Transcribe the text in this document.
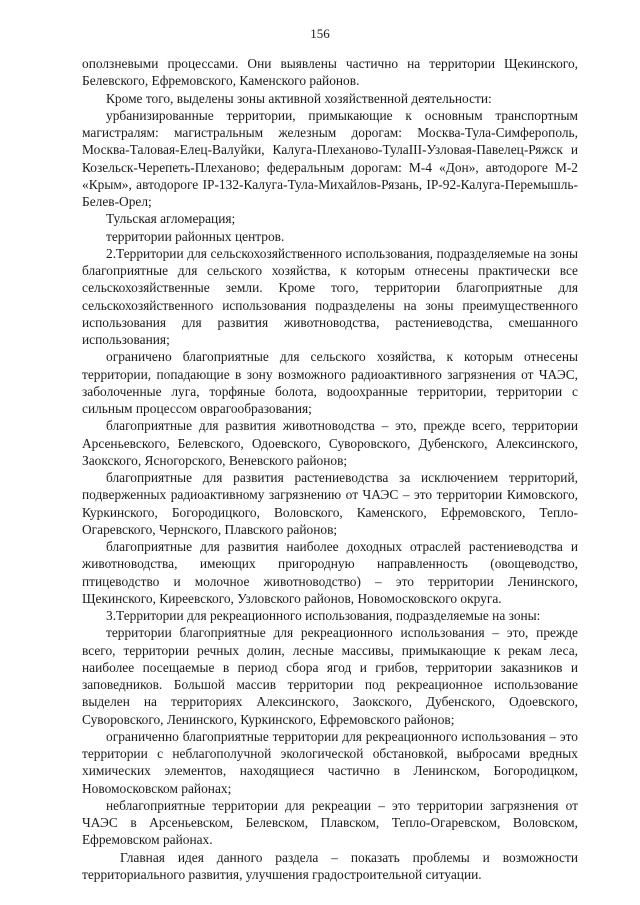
156

оползневыми процессами. Они выявлены частично на территории Щекинского, Белевского, Ефремовского, Каменского районов.

Кроме того, выделены зоны активной хозяйственной деятельности:

урбанизированные территории, примыкающие к основным транспортным магистралям: магистральным железным дорогам: Москва-Тула-Симферополь, Москва-Таловая-Елец-Валуйки, Калуга-Плеханово-ТулаIII-Узловая-Павелец-Ряжск и Козельск-Черепеть-Плеханово; федеральным дорогам: М-4 «Дон», автодороге М-2 «Крым», автодороге IР-132-Калуга-Тула-Михайлов-Рязань, IР-92-Калуга-Перемышль-Белев-Орел;

Тульская агломерация;

территории районных центров.

2.Территории для сельскохозяйственного использования, подразделяемые на зоны благоприятные для сельского хозяйства, к которым отнесены практически все сельскохозяйственные земли. Кроме того, территории благоприятные для сельскохозяйственного использования подразделены на зоны преимущественного использования для развития животноводства, растениеводства, смешанного использования;

ограничено благоприятные для сельского хозяйства, к которым отнесены территории, попадающие в зону возможного радиоактивного загрязнения от ЧАЭС, заболоченные луга, торфяные болота, водоохранные территории, территории с сильным процессом оврагообразования;

благоприятные для развития животноводства – это, прежде всего, территории Арсеньевского, Белевского, Одоевского, Суворовского, Дубенского, Алексинского, Заокского, Ясногорского, Веневского районов;

благоприятные для развития растениеводства за исключением территорий, подверженных радиоактивному загрязнению от ЧАЭС – это территории Кимовского, Куркинского, Богородицкого, Воловского, Каменского, Ефремовского, Тепло-Огаревского, Чернского, Плавского районов;

благоприятные для развития наиболее доходных отраслей растениеводства и животноводства, имеющих пригородную направленность (овощеводство, птицеводство и молочное животноводство) – это территории Ленинского, Щекинского, Киреевского, Узловского районов, Новомосковского округа.

3.Территории для рекреационного использования, подразделяемые на зоны:

территории благоприятные для рекреационного использования – это, прежде всего, территории речных долин, лесные массивы, примыкающие к рекам леса, наиболее посещаемые в период сбора ягод и грибов, территории заказников и заповедников. Большой массив территории под рекреационное использование выделен на территориях Алексинского, Заокского, Дубенского, Одоевского, Суворовского, Ленинского, Куркинского, Ефремовского районов;

ограниченно благоприятные территории для рекреационного использования – это территории с неблагополучной экологической обстановкой, выбросами вредных химических элементов, находящиеся частично в Ленинском, Богородицком, Новомосковском районах;

неблагоприятные территории для рекреации – это территории загрязнения от ЧАЭС в Арсеньевском, Белевском, Плавском, Тепло-Огаревском, Воловском, Ефремовском районах.

Главная идея данного раздела – показать проблемы и возможности территориального развития, улучшения градостроительной ситуации.
